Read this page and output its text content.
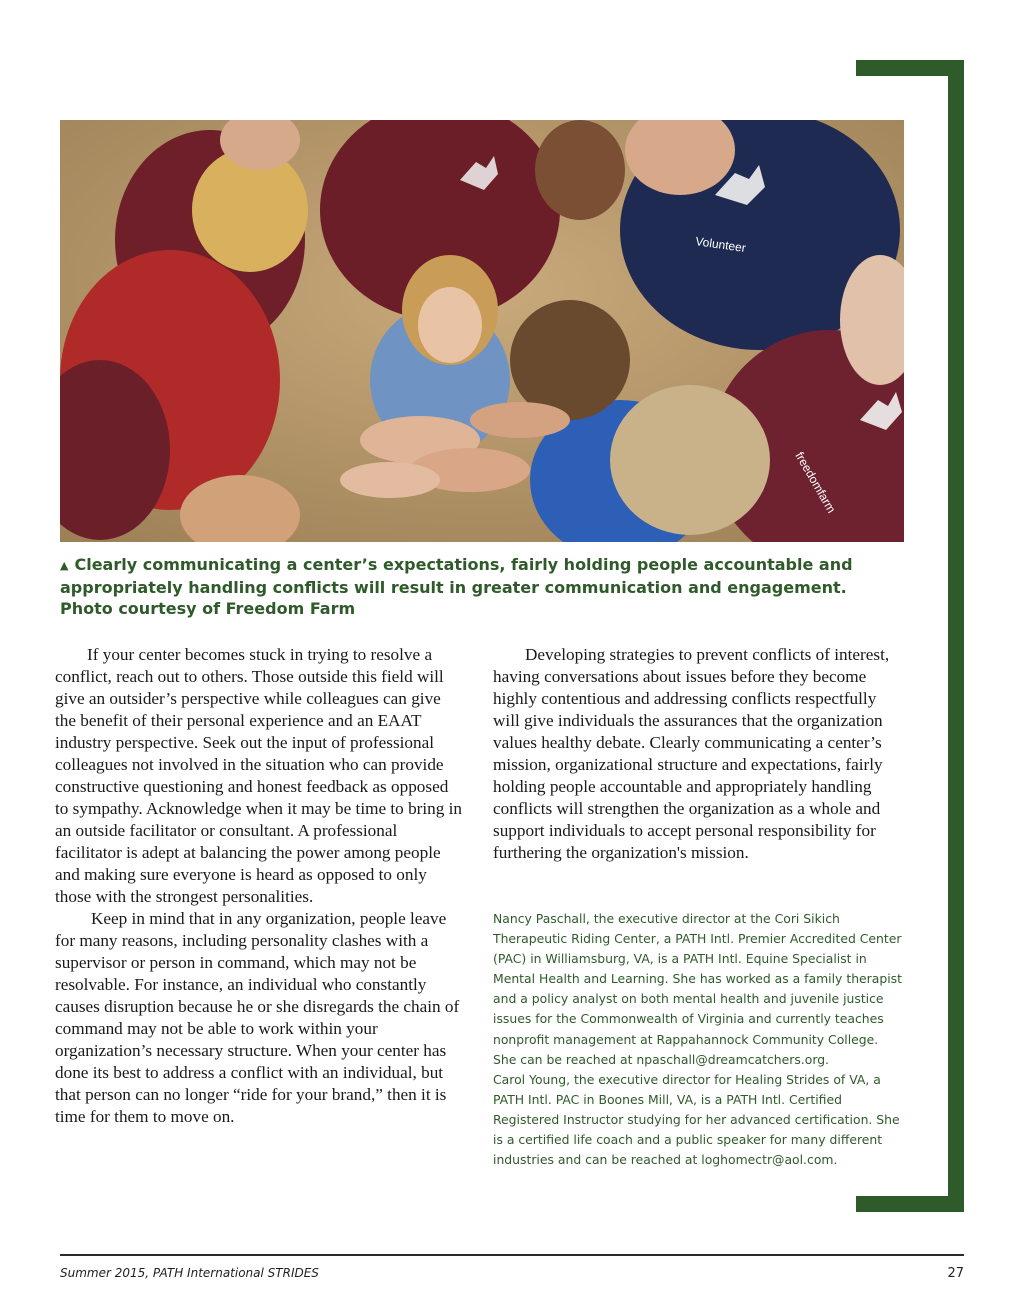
Volunteer
freedomfarm
▲ Clearly communicating a center’s expectations, fairly holding people accountable and
appropriately handling conflicts will result in greater communication and engagement.
Photo courtesy of Freedom Farm

If your center becomes stuck in trying to resolve a conflict, reach out to others. Those outside this field will give an outsider’s perspective while colleagues can give the benefit of their personal experience and an EAAT industry perspective. Seek out the input of professional colleagues not involved in the situation who can provide constructive questioning and honest feedback as opposed to sympathy. Acknowledge when it may be time to bring in an outside facilitator or consultant. A professional facilitator is adept at balancing the power among people and making sure everyone is heard as opposed to only those with the strongest personalities.

Keep in mind that in any organization, people leave for many reasons, including personality clashes with a supervisor or person in command, which may not be resolvable. For instance, an individual who constantly causes disruption because he or she disregards the chain of command may not be able to work within your organization’s necessary structure. When your center has done its best to address a conflict with an individual, but that person can no longer “ride for your brand,” then it is time for them to move on.

Developing strategies to prevent conflicts of interest, having conversations about issues before they become highly contentious and addressing conflicts respectfully will give individuals the assurances that the organization values healthy debate. Clearly communicating a center’s mission, organizational structure and expectations, fairly holding people accountable and appropriately handling conflicts will strengthen the organization as a whole and support individuals to accept personal responsibility for furthering the organization's mission.

Nancy Paschall, the executive director at the Cori Sikich Therapeutic Riding Center, a PATH Intl. Premier Accredited Center (PAC) in Williamsburg, VA, is a PATH Intl. Equine Specialist in Mental Health and Learning. She has worked as a family therapist and a policy analyst on both mental health and juvenile justice issues for the Commonwealth of Virginia and currently teaches nonprofit management at Rappahannock Community College. She can be reached at npaschall@dreamcatchers.org.

Carol Young, the executive director for Healing Strides of VA, a PATH Intl. PAC in Boones Mill, VA, is a PATH Intl. Certified Registered Instructor studying for her advanced certification. She is a certified life coach and a public speaker for many different industries and can be reached at loghomectr@aol.com.

Summer 2015, PATH International STRIDES	27
